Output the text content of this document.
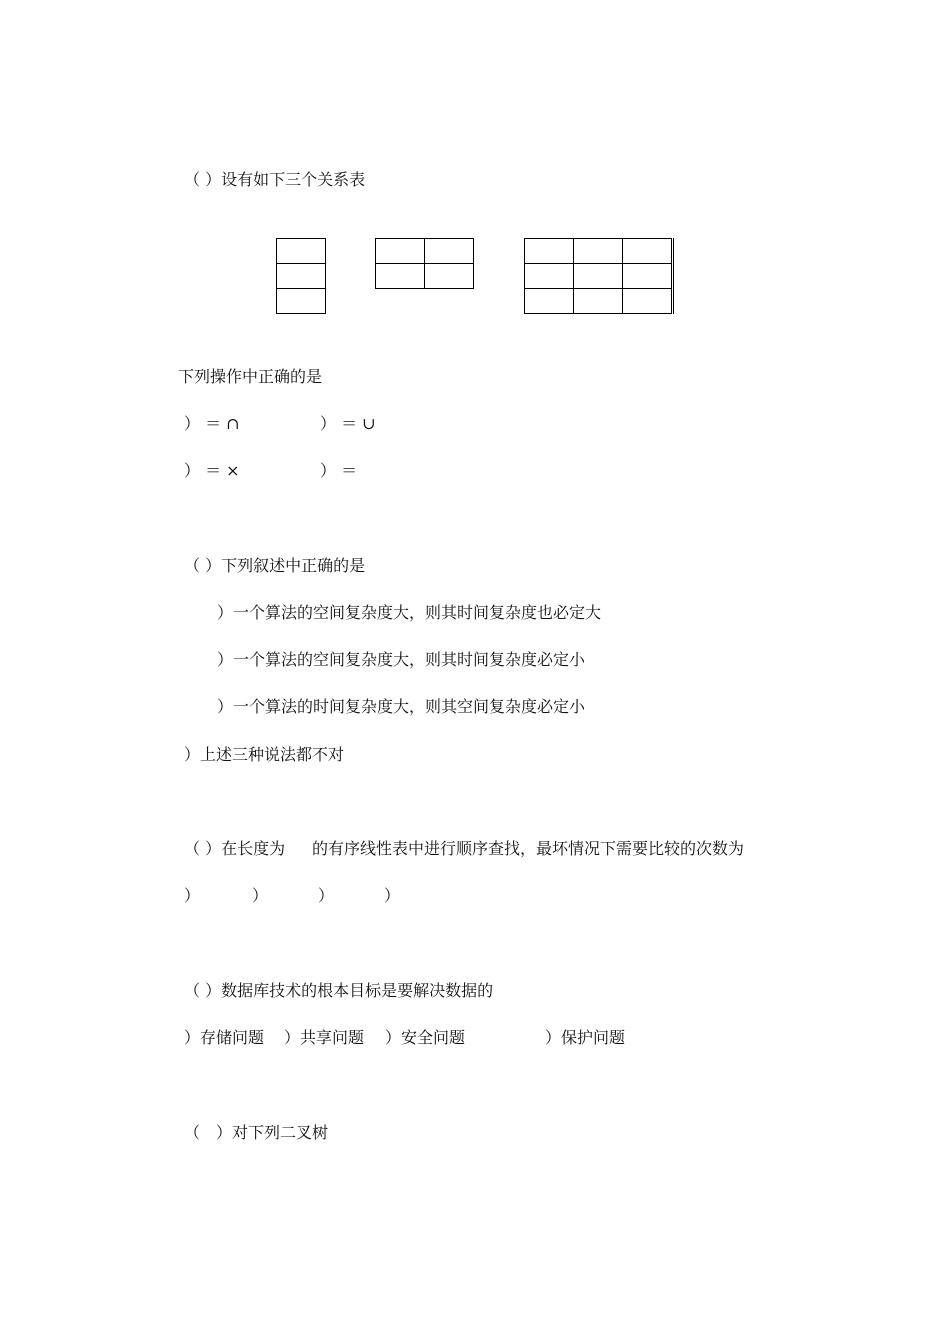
（ ）设有如下三个关系表

下列操作中正确的是
） ＝ ∩	） ＝ ∪
） ＝ ×	） ＝
（ ）下列叙述中正确的是
）一个算法的空间复杂度大，则其时间复杂度也必定大
）一个算法的空间复杂度大，则其时间复杂度必定小
）一个算法的时间复杂度大，则其空间复杂度必定小
）上述三种说法都不对
（ ）在长度为 的有序线性表中进行顺序查找，最坏情况下需要比较的次数为
）	）	）	）
（ ）数据库技术的根本目标是要解决数据的
）存储问题 ）共享问题 ）安全问题	）保护问题
（　）对下列二叉树
